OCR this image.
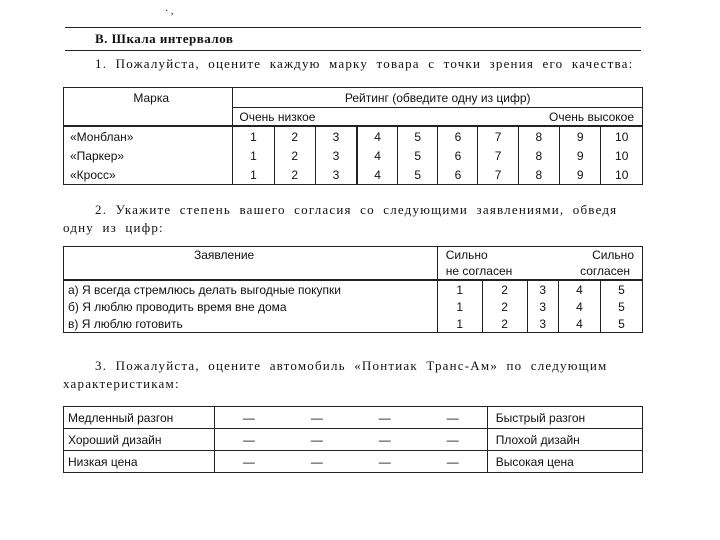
· ,
В. Шкала интервалов
1. Пожалуйста, оцените каждую марку товара с точки зрения его качества:
Марка	Рейтинг (обведите одну из цифр)									
	Очень низкое							Очень высокое		
«Монблан»	1	2	3	4	5	6	7	8	9	10
«Паркер»	1	2	3	4	5	6	7	8	9	10
«Кросс»	1	2	3	4	5	6	7	8	9	10
2. Укажите степень вашего согласия со следующими заявлениями, обведя
одну из цифр:
Заявление	Сильно			Сильно	
	не согласен			согласен	
а) Я всегда стремлюсь делать выгодные покупки	1	2	3	4	5
б) Я люблю проводить время вне дома	1	2	3	4	5
в) Я люблю готовить	1	2	3	4	5
3. Пожалуйста, оцените автомобиль «Понтиак Транс-Ам» по следующим
характеристикам:
Медленный разгон	—	—	—	—	Быстрый разгон
Хороший дизайн	—	—	—	—	Плохой дизайн
Низкая цена	—	—	—	—	Высокая цена
